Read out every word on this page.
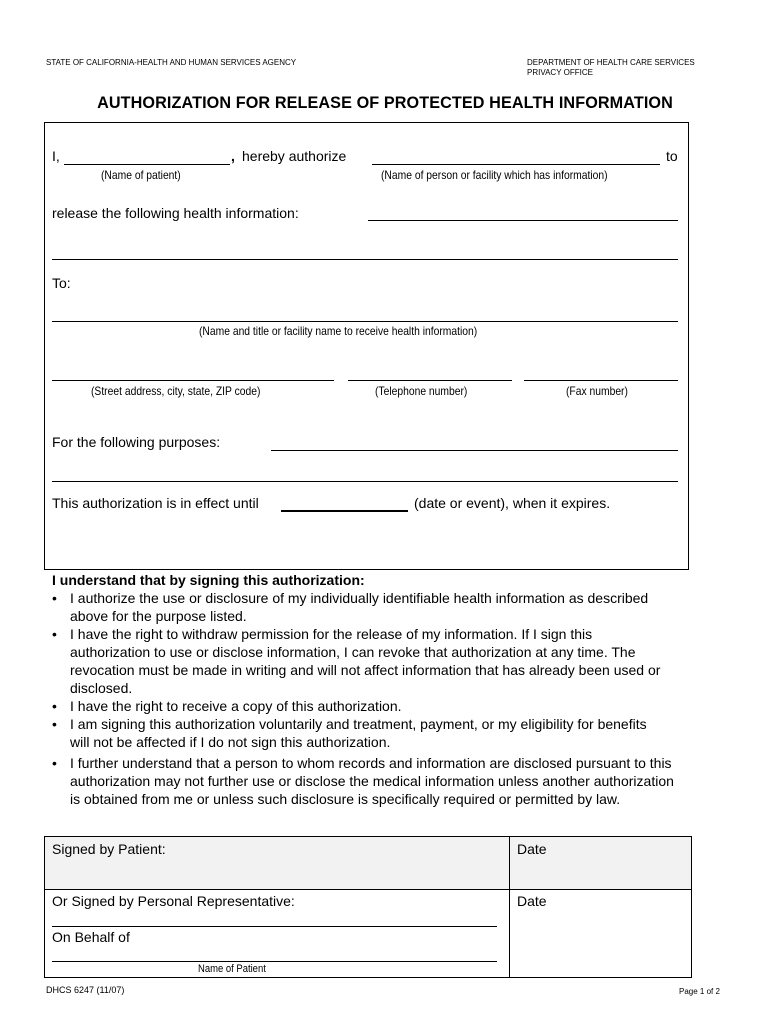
STATE OF CALIFORNIA-HEALTH AND HUMAN SERVICES AGENCY	DEPARTMENT OF HEALTH CARE SERVICES
PRIVACY OFFICE
AUTHORIZATION FOR RELEASE OF PROTECTED HEALTH INFORMATION
I,	, hereby authorize	to
(Name of patient)	(Name of person or facility which has information)
release the following health information:
To:
(Name and title or facility name to receive health information)
(Street address, city, state, ZIP code)	(Telephone number)	(Fax number)
For the following purposes:
This authorization is in effect until	(date or event), when it expires.
I understand that by signing this authorization:
• I authorize the use or disclosure of my individually identifiable health information as described above for the purpose listed.
• I have the right to withdraw permission for the release of my information. If I sign this authorization to use or disclose information, I can revoke that authorization at any time. The revocation must be made in writing and will not affect information that has already been used or disclosed.
• I have the right to receive a copy of this authorization.
• I am signing this authorization voluntarily and treatment, payment, or my eligibility for benefits will not be affected if I do not sign this authorization.
• I further understand that a person to whom records and information are disclosed pursuant to this authorization may not further use or disclose the medical information unless another authorization is obtained from me or unless such disclosure is specifically required or permitted by law.
Signed by Patient:	Date
Or Signed by Personal Representative:	Date
On Behalf of
Name of Patient
DHCS 6247 (11/07)	Page 1 of 2
